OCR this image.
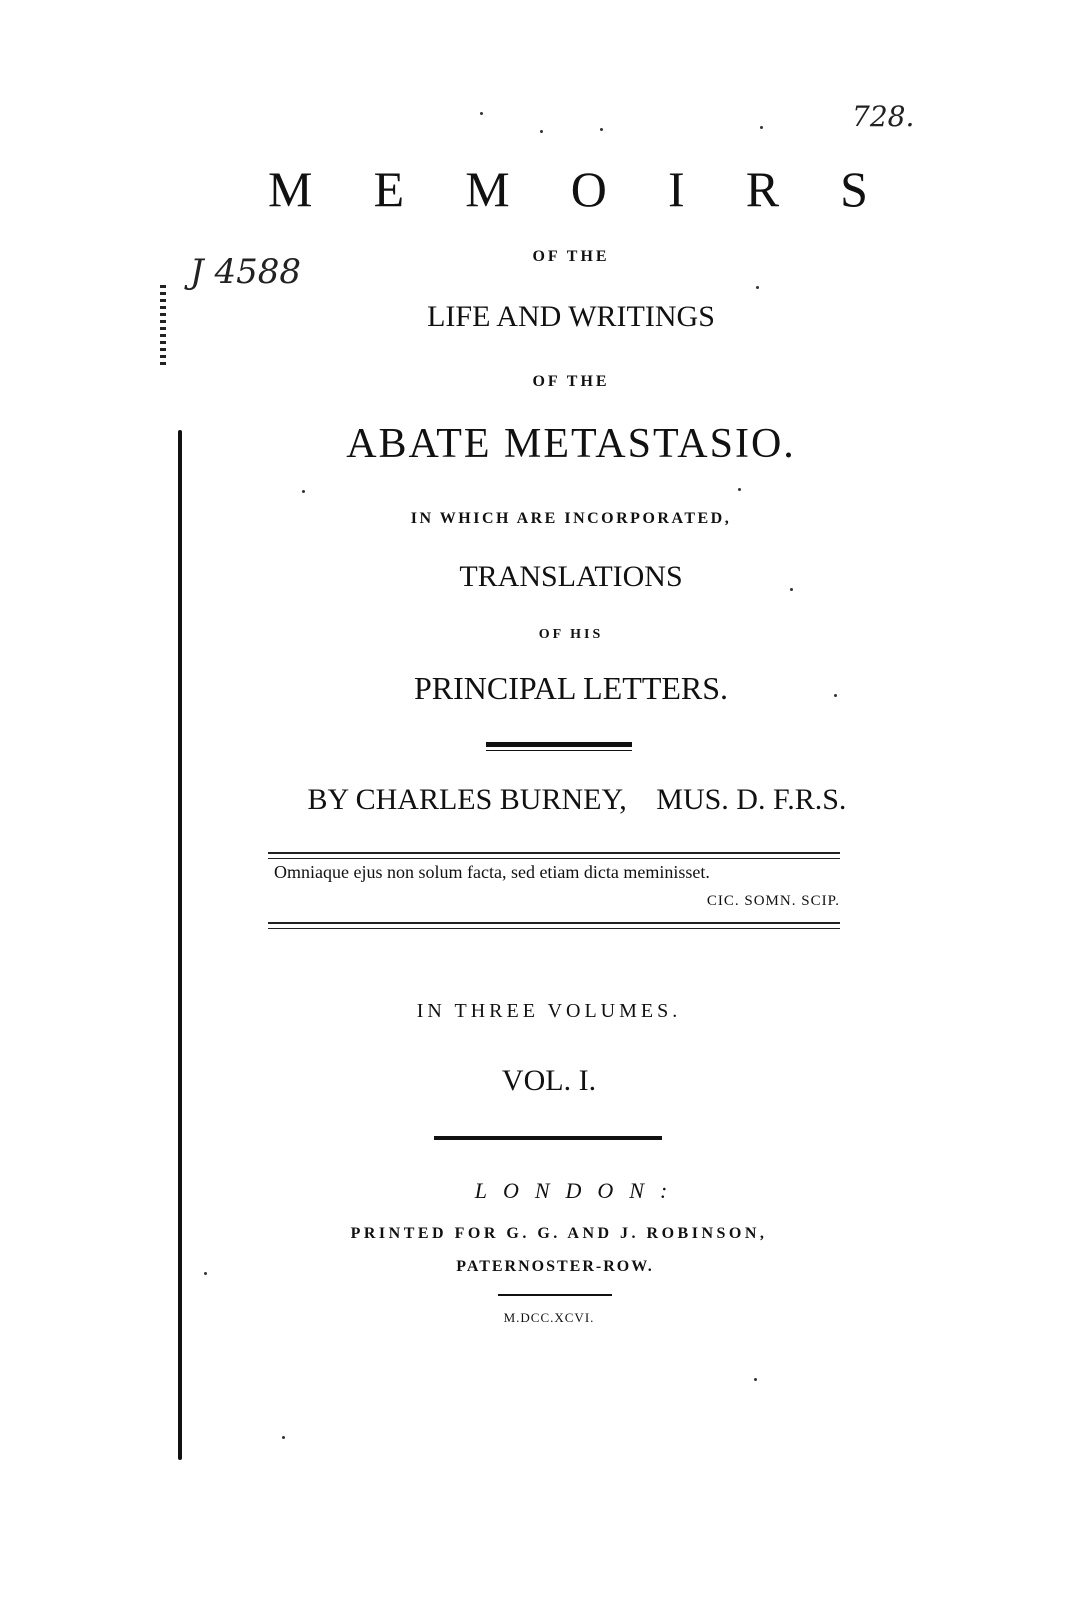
728.
J 4588
M E M O I R S
OF THE
LIFE AND WRITINGS
OF THE
ABATE METASTASIO.
IN WHICH ARE INCORPORATED,
TRANSLATIONS
OF HIS
PRINCIPAL LETTERS.
BY CHARLES BURNEY, MUS. D. F.R.S.
Omniaque ejus non solum facta, sed etiam dicta meminisset.
CIC. SOMN. SCIP.
IN THREE VOLUMES.
VOL. I.
LONDON:
PRINTED FOR G. G. AND J. ROBINSON,
PATERNOSTER-ROW.
M.DCC.XCVI.
